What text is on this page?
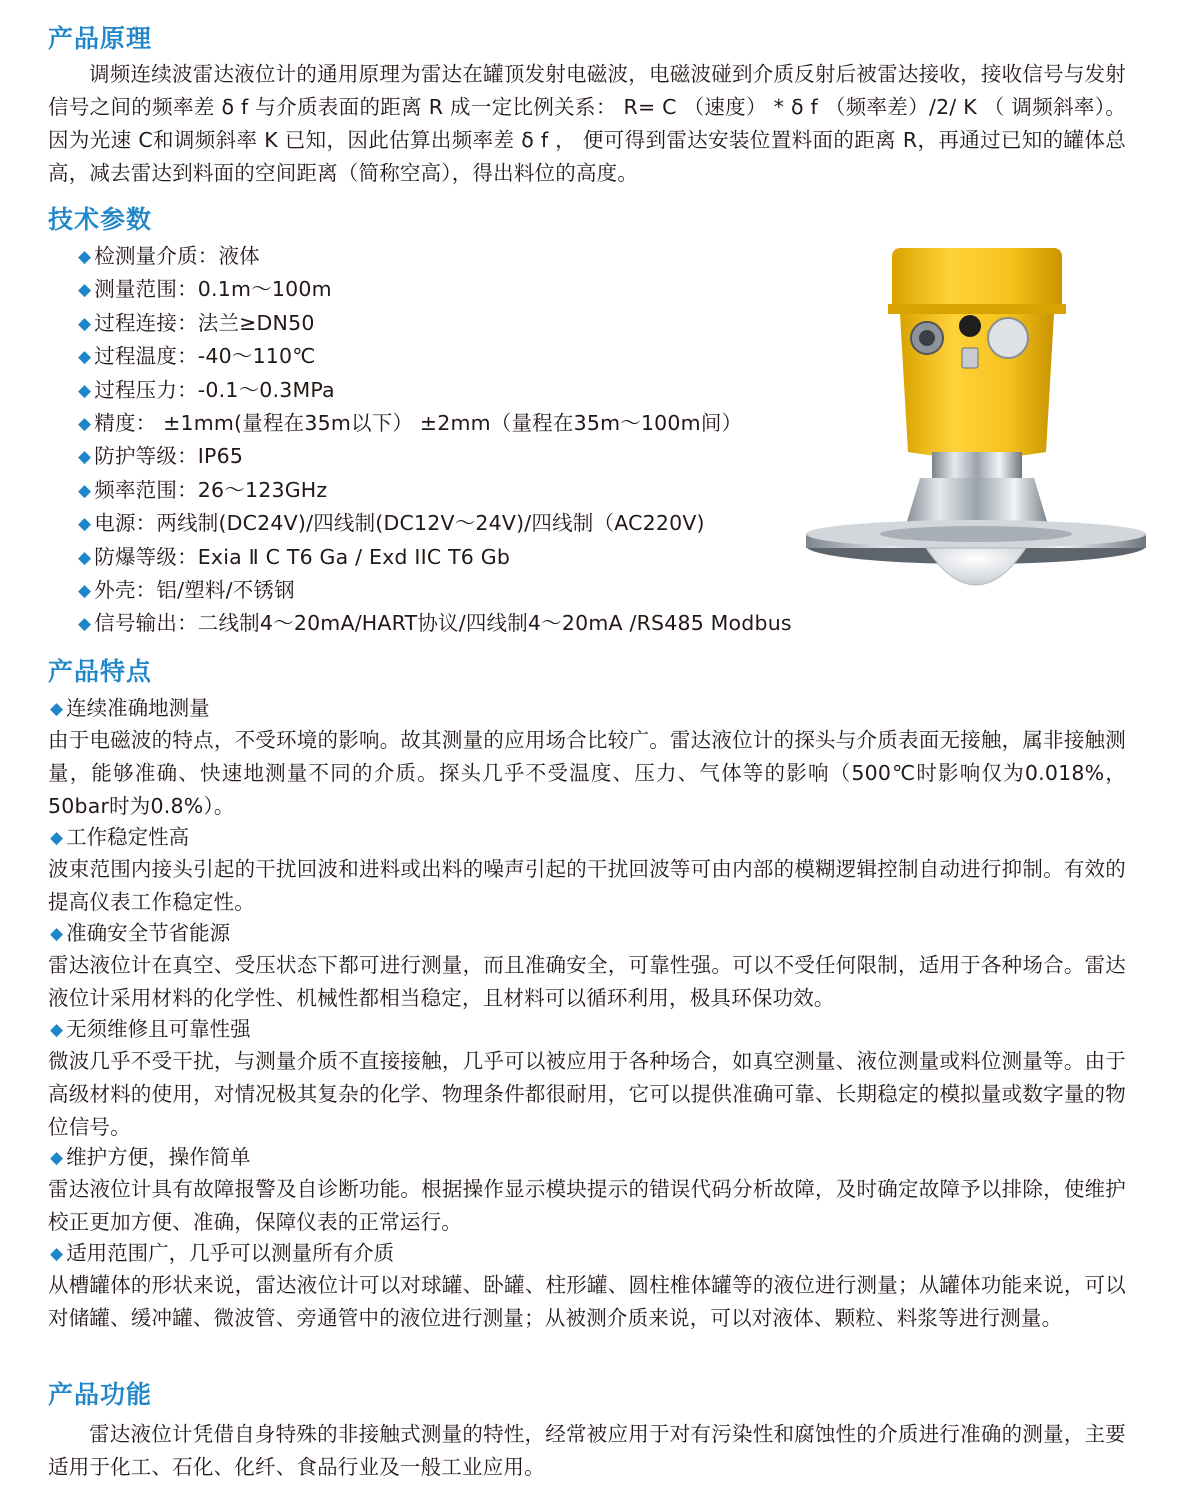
产品原理
调频连续波雷达液位计的通用原理为雷达在罐顶发射电磁波，电磁波碰到介质反射后被雷达接收，接收信号与发射信号之间的频率差 δ f 与介质表面的距离 R 成一定比例关系： R= C （速度） * δ f （频率差）/2/ K （ 调频斜率）。因为光速 C和调频斜率 K 已知，因此估算出频率差 δ f ， 便可得到雷达安装位置料面的距离 R，再通过已知的罐体总高，减去雷达到料面的空间距离（简称空高），得出料位的高度。
技术参数
◆ 检测量介质：液体
◆ 测量范围：0.1m～100m
◆ 过程连接：法兰≥DN50
◆ 过程温度：-40～110℃
◆ 过程压力：-0.1～0.3MPa
◆ 精度： ±1mm(量程在35m以下） ±2mm（量程在35m～100m间）
◆ 防护等级：IP65
◆ 频率范围：26～123GHz
◆ 电源：两线制(DC24V)/四线制(DC12V～24V)/四线制（AC220V)
◆ 防爆等级：Exia Ⅱ C T6 Ga / Exd IIC T6 Gb
◆ 外壳：铝/塑料/不锈钢
◆ 信号输出：二线制4～20mA/HART协议/四线制4～20mA /RS485 Modbus
产品特点
◆ 连续准确地测量
由于电磁波的特点，不受环境的影响。故其测量的应用场合比较广。雷达液位计的探头与介质表面无接触，属非接触测量，能够准确、快速地测量不同的介质。探头几乎不受温度、压力、气体等的影响（500℃时影响仅为0.018%，50bar时为0.8%）。
◆ 工作稳定性高
波束范围内接头引起的干扰回波和进料或出料的噪声引起的干扰回波等可由内部的模糊逻辑控制自动进行抑制。有效的提高仪表工作稳定性。
◆ 准确安全节省能源
雷达液位计在真空、受压状态下都可进行测量，而且准确安全，可靠性强。可以不受任何限制，适用于各种场合。雷达液位计采用材料的化学性、机械性都相当稳定，且材料可以循环利用，极具环保功效。
◆ 无须维修且可靠性强
微波几乎不受干扰，与测量介质不直接接触，几乎可以被应用于各种场合，如真空测量、液位测量或料位测量等。由于高级材料的使用，对情况极其复杂的化学、物理条件都很耐用，它可以提供准确可靠、长期稳定的模拟量或数字量的物位信号。
◆ 维护方便，操作简单
雷达液位计具有故障报警及自诊断功能。根据操作显示模块提示的错误代码分析故障，及时确定故障予以排除，使维护校正更加方便、准确，保障仪表的正常运行。
◆ 适用范围广，几乎可以测量所有介质
从槽罐体的形状来说，雷达液位计可以对球罐、卧罐、柱形罐、圆柱椎体罐等的液位进行测量；从罐体功能来说，可以对储罐、缓冲罐、微波管、旁通管中的液位进行测量；从被测介质来说，可以对液体、颗粒、料浆等进行测量。
产品功能
雷达液位计凭借自身特殊的非接触式测量的特性，经常被应用于对有污染性和腐蚀性的介质进行准确的测量，主要适用于化工、石化、化纤、食品行业及一般工业应用。
